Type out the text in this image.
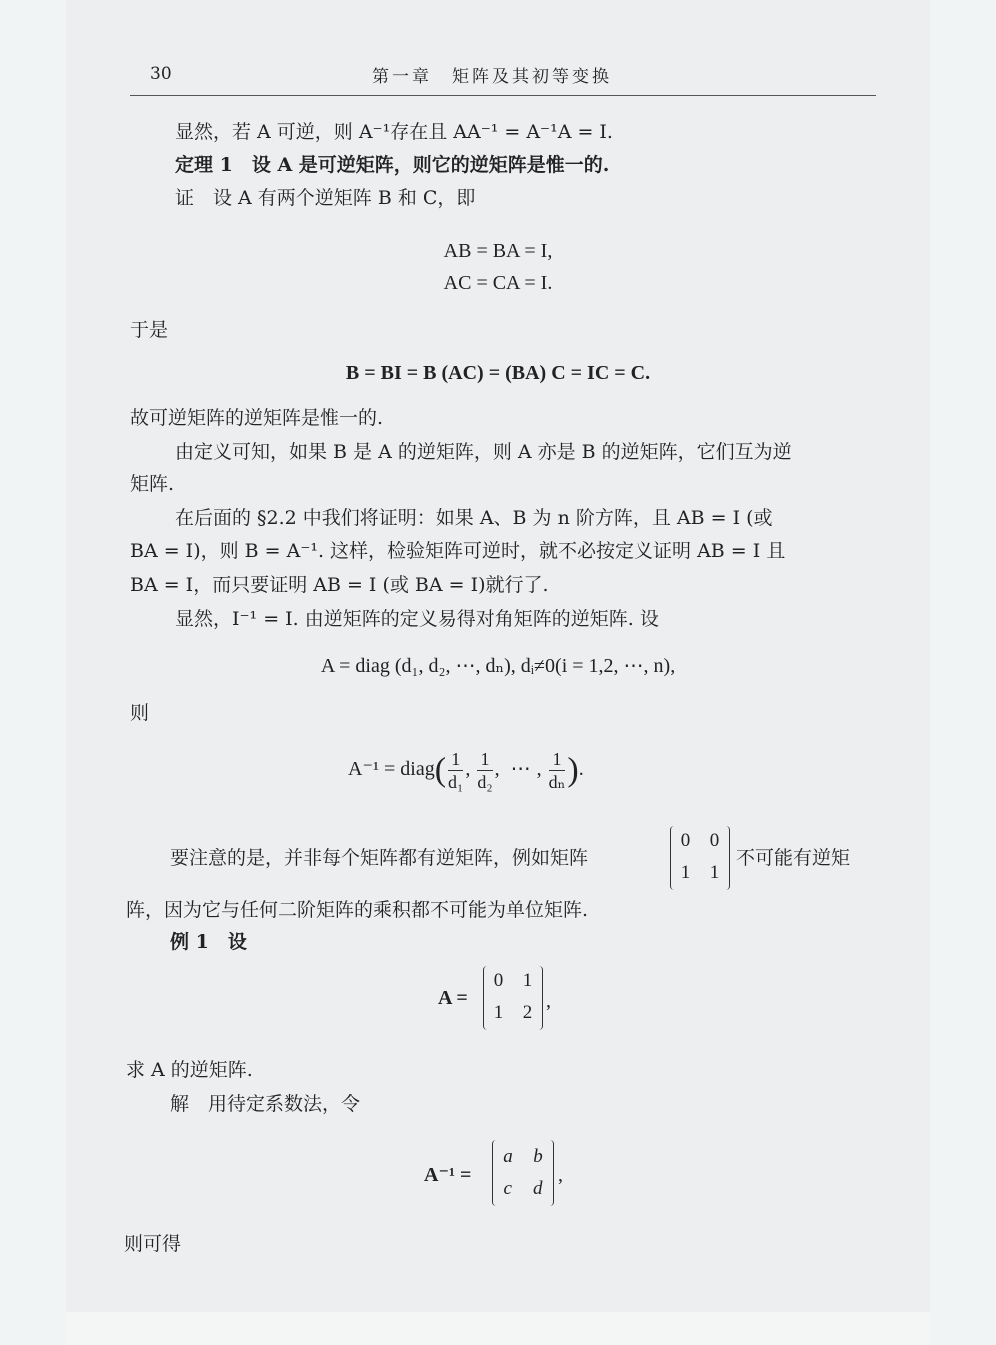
30	第一章　矩阵及其初等变换
显然，若 A 可逆，则 A⁻¹存在且 AA⁻¹ = A⁻¹A = I.
定理 1　设 A 是可逆矩阵，则它的逆矩阵是惟一的.
证　设 A 有两个逆矩阵 B 和 C，即
AB = BA = I,
AC = CA = I.
于是
B = BI = B (AC) = (BA) C = IC = C.
故可逆矩阵的逆矩阵是惟一的.
由定义可知，如果 B 是 A 的逆矩阵，则 A 亦是 B 的逆矩阵，它们互为逆
矩阵.
在后面的 §2.2 中我们将证明：如果 A、B 为 n 阶方阵，且 AB = I (或
BA = I)，则 B = A⁻¹. 这样，检验矩阵可逆时，就不必按定义证明 AB = I 且
BA = I，而只要证明 AB = I (或 BA = I)就行了.
显然，I⁻¹ = I. 由逆矩阵的定义易得对角矩阵的逆矩阵. 设
A = diag (d₁, d₂, ⋯, dₙ), dᵢ≠0(i = 1,2, ⋯, n),
则
A⁻¹ = diag( $\frac{1}{\text{d₁}}$ , $\frac{1}{\text{d₂}}$ , ⋯ , $\frac{1}{\text{dₙ}}$ ).
要注意的是，并非每个矩阵都有逆矩阵，例如矩阵
0 0
1 1
不可能有逆矩
阵，因为它与任何二阶矩阵的乘积都不可能为单位矩阵.
例 1　设
A =
0 1
1 2
,
求 A 的逆矩阵.
解　用待定系数法，令
A⁻¹ =
a b
c d
,
则可得
